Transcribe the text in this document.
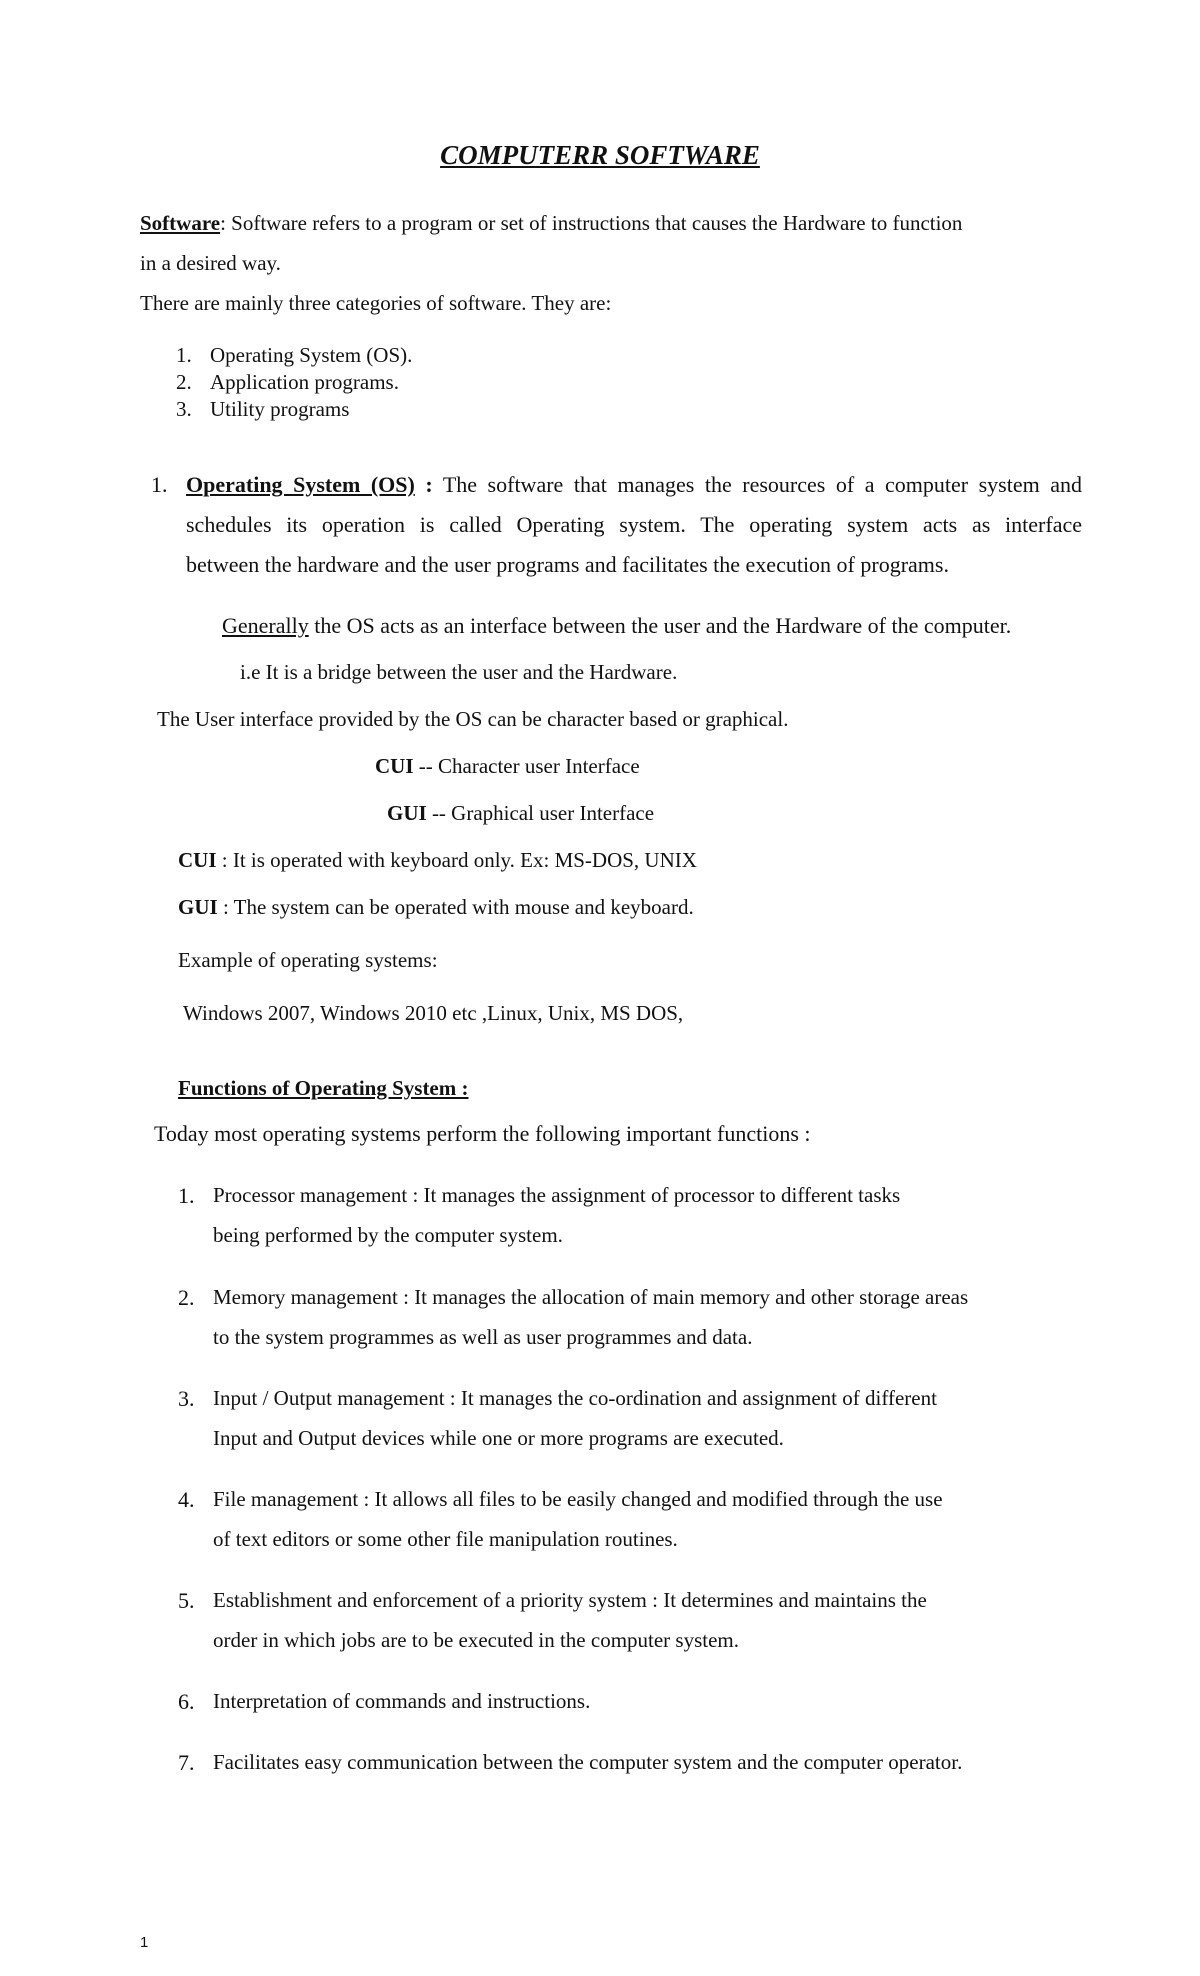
COMPUTERR SOFTWARE
Software: Software refers to a program or set of instructions that causes the Hardware to function
in a desired way.
There are mainly three categories of software. They are:
1. Operating System (OS).
2. Application programs.
3. Utility programs
1. Operating System (OS) : The software that manages the resources of a computer system and
schedules its operation is called Operating system. The operating system acts as interface
between the hardware and the user programs and facilitates the execution of programs.
Generally the OS acts as an interface between the user and the Hardware of the computer.
i.e It is a bridge between the user and the Hardware.
The User interface provided by the OS can be character based or graphical.
CUI -- Character user Interface
GUI -- Graphical user Interface
CUI : It is operated with keyboard only. Ex: MS-DOS, UNIX
GUI : The system can be operated with mouse and keyboard.
Example of operating systems:
Windows 2007, Windows 2010 etc ,Linux, Unix, MS DOS,
Functions of Operating System :
Today most operating systems perform the following important functions :
1. Processor management : It manages the assignment of processor to different tasks
being performed by the computer system.
2. Memory management : It manages the allocation of main memory and other storage areas
to the system programmes as well as user programmes and data.
3. Input / Output management : It manages the co-ordination and assignment of different
Input and Output devices while one or more programs are executed.
4. File management : It allows all files to be easily changed and modified through the use
of text editors or some other file manipulation routines.
5. Establishment and enforcement of a priority system : It determines and maintains the
order in which jobs are to be executed in the computer system.
6. Interpretation of commands and instructions.
7. Facilitates easy communication between the computer system and the computer operator.
1
